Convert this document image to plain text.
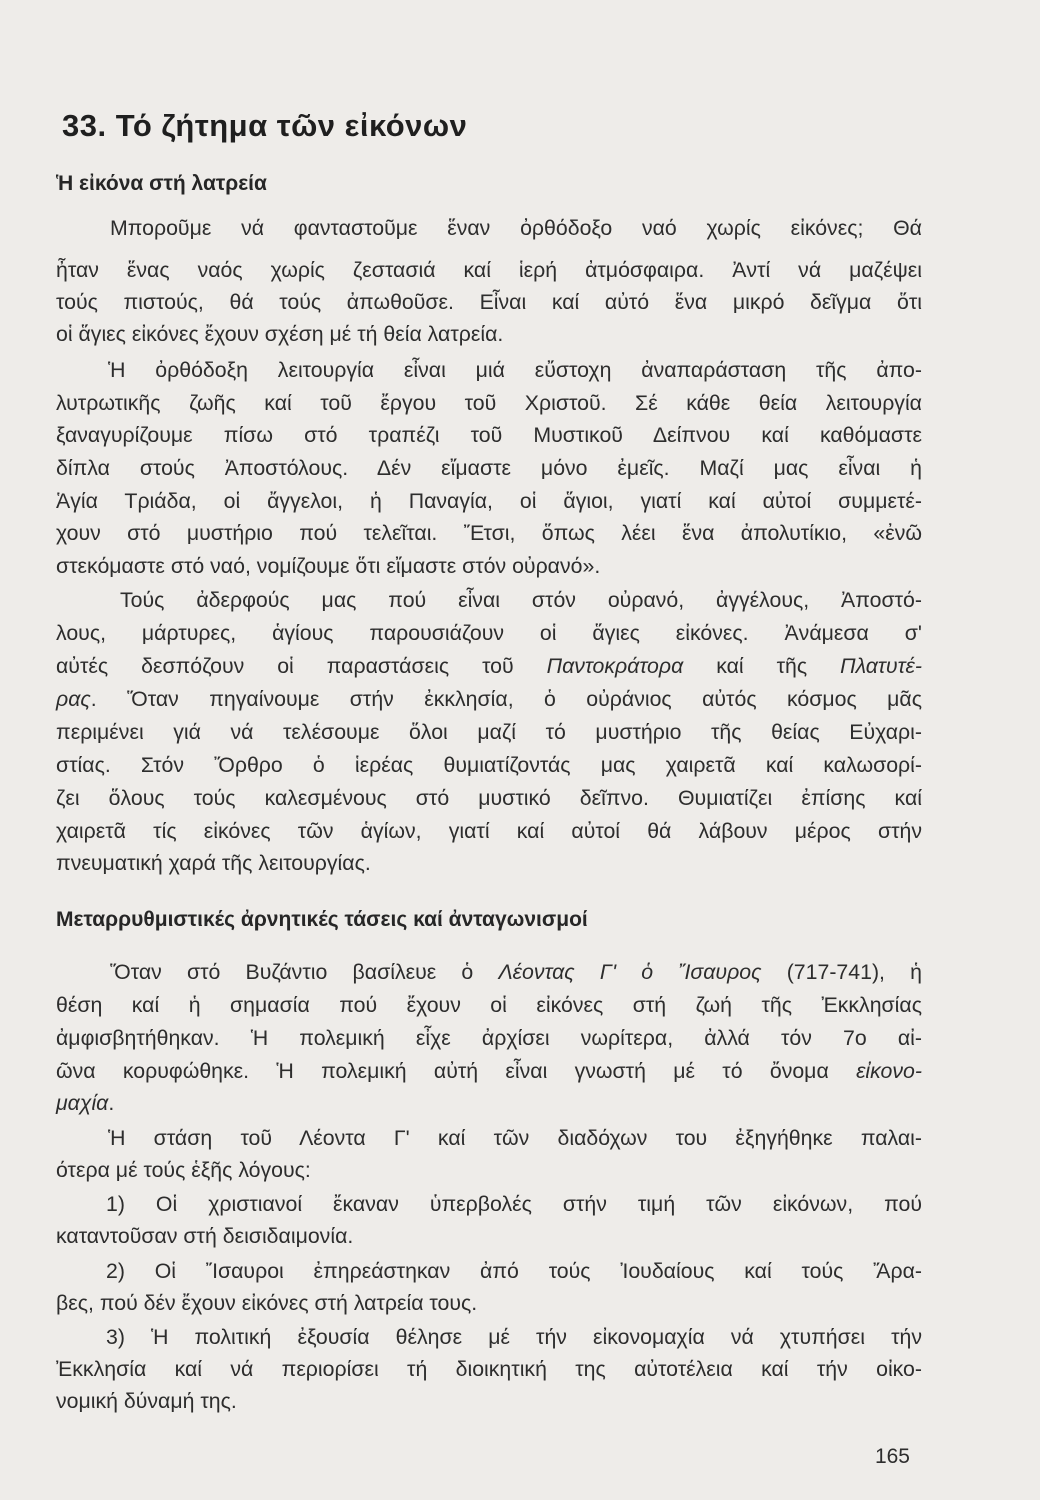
33. Τό ζήτημα τῶν εἰκόνων
Ἡ εἰκόνα στή λατρεία

Μποροῦμε νά φανταστοῦμε ἕναν ὀρθόδοξο ναό χωρίς εἰκόνες; Θά

ἦταν ἕνας ναός χωρίς ζεστασιά καί ἱερή ἀτμόσφαιρα. Ἀντί νά μαζέψει

τούς πιστούς, θά τούς ἀπωθοῦσε. Εἶναι καί αὐτό ἕνα μικρό δεῖγμα ὅτι

οἱ ἅγιες εἰκόνες ἔχουν σχέση μέ τή θεία λατρεία.

Ἡ ὀρθόδοξη λειτουργία εἶναι μιά εὔστοχη ἀναπαράσταση τῆς ἀπο-

λυτρωτικῆς ζωῆς καί τοῦ ἔργου τοῦ Χριστοῦ. Σέ κάθε θεία λειτουργία

ξαναγυρίζουμε πίσω στό τραπέζι τοῦ Μυστικοῦ Δείπνου καί καθόμαστε

δίπλα στούς Ἀποστόλους. Δέν εἴμαστε μόνο ἐμεῖς. Μαζί μας εἶναι ἡ

Ἁγία Τριάδα, οἱ ἄγγελοι, ἡ Παναγία, οἱ ἅγιοι, γιατί καί αὐτοί συμμετέ-

χουν στό μυστήριο πού τελεῖται. Ἔτσι, ὅπως λέει ἕνα ἀπολυτίκιο, «ἐνῶ

στεκόμαστε στό ναό, νομίζουμε ὅτι εἴμαστε στόν οὐρανό».

Τούς ἀδερφούς μας πού εἶναι στόν οὐρανό, ἀγγέλους, Ἀποστό-

λους, μάρτυρες, ἁγίους παρουσιάζουν οἱ ἅγιες εἰκόνες. Ἀνάμεσα σ'

αὐτές δεσπόζουν οἱ παραστάσεις τοῦ Παντοκράτορα καί τῆς Πλατυτέ-

ρας. Ὅταν πηγαίνουμε στήν ἐκκλησία, ὁ οὐράνιος αὐτός κόσμος μᾶς

περιμένει γιά νά τελέσουμε ὅλοι μαζί τό μυστήριο τῆς θείας Εὐχαρι-

στίας. Στόν Ὄρθρο ὁ ἱερέας θυμιατίζοντάς μας χαιρετᾶ καί καλωσορί-

ζει ὅλους τούς καλεσμένους στό μυστικό δεῖπνο. Θυμιατίζει ἐπίσης καί

χαιρετᾶ τίς εἰκόνες τῶν ἁγίων, γιατί καί αὐτοί θά λάβουν μέρος στήν

πνευματική χαρά τῆς λειτουργίας.

Μεταρρυθμιστικές ἀρνητικές τάσεις καί ἀνταγωνισμοί

Ὅταν στό Βυζάντιο βασίλευε ὁ Λέοντας Γ' ὁ Ἴσαυρος (717-741), ἡ

θέση καί ἡ σημασία πού ἔχουν οἱ εἰκόνες στή ζωή τῆς Ἐκκλησίας

ἀμφισβητήθηκαν. Ἡ πολεμική εἶχε ἀρχίσει νωρίτερα, ἀλλά τόν 7ο αἰ-

ῶνα κορυφώθηκε. Ἡ πολεμική αὐτή εἶναι γνωστή μέ τό ὄνομα εἰκονο-

μαχία.

Ἡ στάση τοῦ Λέοντα Γ' καί τῶν διαδόχων του ἐξηγήθηκε παλαι-

ότερα μέ τούς ἑξῆς λόγους:

1) Οἱ χριστιανοί ἔκαναν ὑπερβολές στήν τιμή τῶν εἰκόνων, πού

καταντοῦσαν στή δεισιδαιμονία.

2) Οἱ Ἴσαυροι ἐπηρεάστηκαν ἀπό τούς Ἰουδαίους καί τούς Ἄρα-

βες, πού δέν ἔχουν εἰκόνες στή λατρεία τους.

3) Ἡ πολιτική ἐξουσία θέλησε μέ τήν εἰκονομαχία νά χτυπήσει τήν

Ἐκκλησία καί νά περιορίσει τή διοικητική της αὐτοτέλεια καί τήν οἰκο-

νομική δύναμή της.

165
